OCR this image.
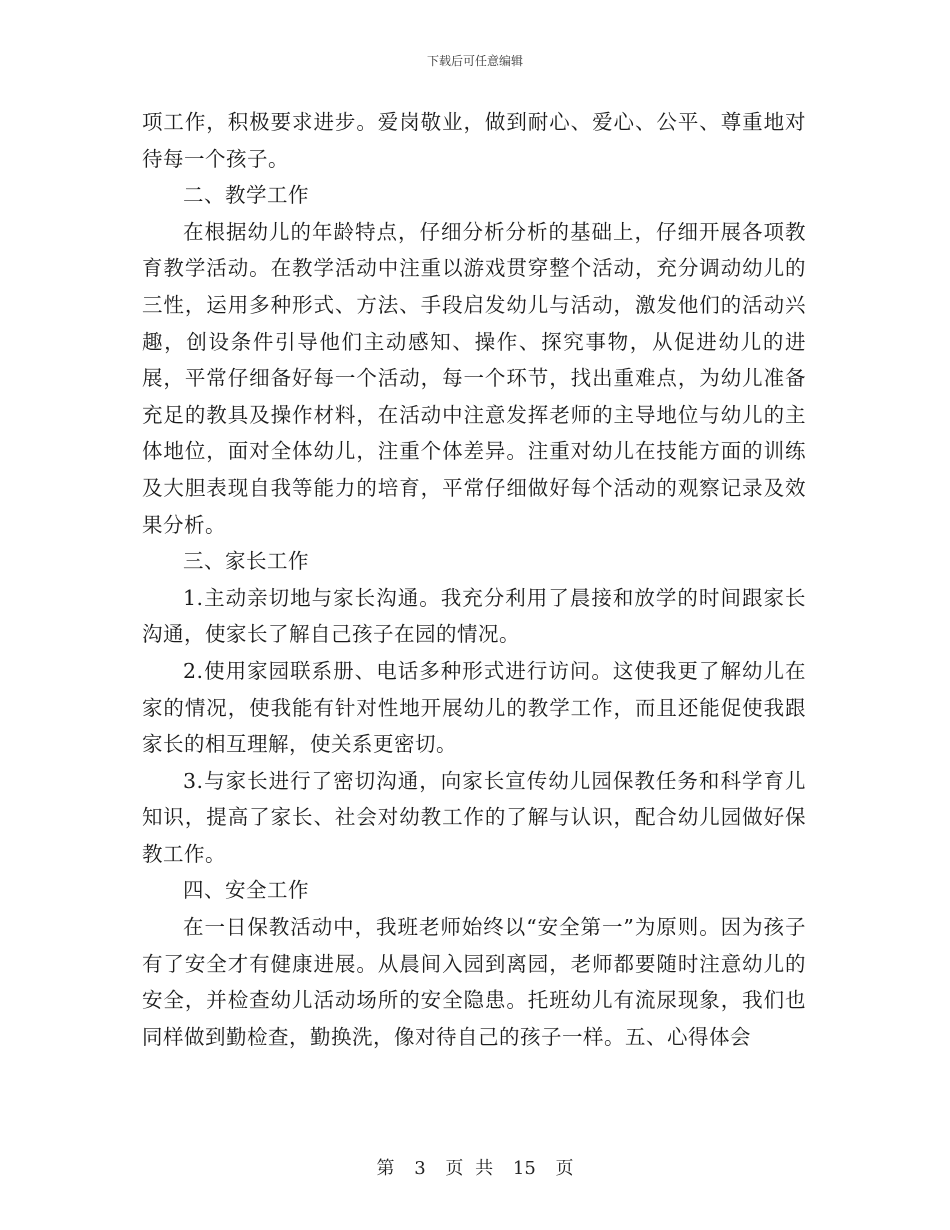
下载后可任意编辑

项工作，积极要求进步。爱岗敬业，做到耐心、爱心、公平、尊重地对待每一个孩子。

二、教学工作

在根据幼儿的年龄特点，仔细分析分析的基础上，仔细开展各项教育教学活动。在教学活动中注重以游戏贯穿整个活动，充分调动幼儿的三性，运用多种形式、方法、手段启发幼儿与活动，激发他们的活动兴趣，创设条件引导他们主动感知、操作、探究事物，从促进幼儿的进展，平常仔细备好每一个活动，每一个环节，找出重难点，为幼儿准备充足的教具及操作材料，在活动中注意发挥老师的主导地位与幼儿的主体地位，面对全体幼儿，注重个体差异。注重对幼儿在技能方面的训练及大胆表现自我等能力的培育，平常仔细做好每个活动的观察记录及效果分析。

三、家长工作

1.主动亲切地与家长沟通。我充分利用了晨接和放学的时间跟家长沟通，使家长了解自己孩子在园的情况。

2.使用家园联系册、电话多种形式进行访问。这使我更了解幼儿在家的情况，使我能有针对性地开展幼儿的教学工作，而且还能促使我跟家长的相互理解，使关系更密切。

3.与家长进行了密切沟通，向家长宣传幼儿园保教任务和科学育儿知识，提高了家长、社会对幼教工作的了解与认识，配合幼儿园做好保教工作。

四、安全工作

在一日保教活动中，我班老师始终以“安全第一”为原则。因为孩子有了安全才有健康进展。从晨间入园到离园，老师都要随时注意幼儿的安全，并检查幼儿活动场所的安全隐患。托班幼儿有流尿现象，我们也同样做到勤检查，勤换洗，像对待自己的孩子一样。五、心得体会

第 3 页 共 15 页
